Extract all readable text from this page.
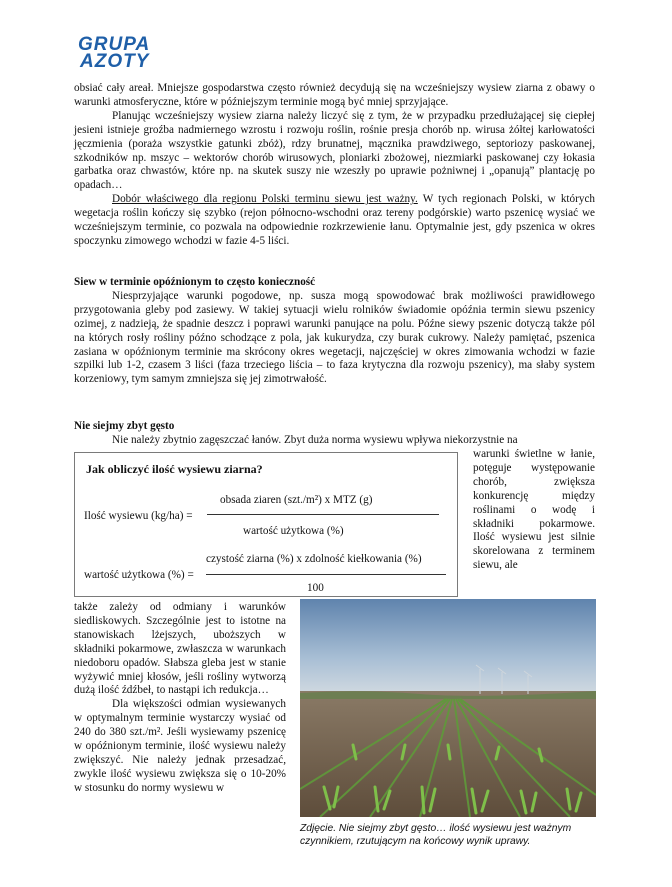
GRUPA
AZOTY

obsiać cały areał. Mniejsze gospodarstwa często również decydują się na wcześniejszy wysiew ziarna z obawy o warunki atmosferyczne, które w późniejszym terminie mogą być mniej sprzyjające.

Planując wcześniejszy wysiew ziarna należy liczyć się z tym, że w przypadku przedłużającej się ciepłej jesieni istnieje groźba nadmiernego wzrostu i rozwoju roślin, rośnie presja chorób np. wirusa żółtej karłowatości jęczmienia (porażа wszystkie gatunki zbóż), rdzy brunatnej, mącznika prawdziwego, septoriozy paskowanej, szkodników np. mszyc – wektorów chorób wirusowych, ploniarki zbożowej, niezmiarki paskowanej czy łokasia garbatka oraz chwastów, które np. na skutek suszy nie wzeszły po uprawie pożniwnej i „opanują” plantację po opadach…

Dobór właściwego dla regionu Polski terminu siewu jest ważny. W tych regionach Polski, w których wegetacja roślin kończy się szybko (rejon północno-wschodni oraz tereny podgórskie) warto pszenicę wysiać we wcześniejszym terminie, co pozwala na odpowiednie rozkrzewienie łanu. Optymalnie jest, gdy pszenica w okres spoczynku zimowego wchodzi w fazie 4-5 liści.

Siew w terminie opóźnionym to często konieczność

Niesprzyjające warunki pogodowe, np. susza mogą spowodować brak możliwości prawidłowego przygotowania gleby pod zasiewy. W takiej sytuacji wielu rolników świadomie opóźnia termin siewu pszenicy ozimej, z nadzieją, że spadnie deszcz i poprawi warunki panujące na polu. Późne siewy pszenic dotyczą także pól na których rosły rośliny późno schodzące z pola, jak kukurydza, czy burak cukrowy. Należy pamiętać, pszenica zasiana w opóźnionym terminie ma skrócony okres wegetacji, najczęściej w okres zimowania wchodzi w fazie szpilki lub 1-2, czasem 3 liści (faza trzeciego liścia – to faza krytyczna dla rozwoju pszenicy), ma słaby system korzeniowy, tym samym zmniejsza się jej zimotrwałość.

Nie siejmy zbyt gęsto

Nie należy zbytnio zagęszczać łanów. Zbyt duża norma wysiewu wpływa niekorzystnie na

warunki świetlne w łanie, potęguje występowanie chorób, zwiększa konkurencję między roślinami o wodę i składniki pokarmowe. Ilość wysiewu jest silnie skorelowana z terminem siewu, ale

Jak obliczyć ilość wysiewu ziarna?
Ilość wysiewu (kg/ha) =
obsada ziaren (szt./m²) x MTZ (g)
wartość użytkowa (%)
wartość użytkowa (%) =
czystość ziarna (%) x zdolność kiełkowania (%)
100

także zależy od odmiany i warunków siedliskowych. Szczególnie jest to istotne na stanowiskach lżejszych, uboższych w składniki pokarmowe, zwłaszcza w warunkach niedoboru opadów. Słabsza gleba jest w stanie wyżywić mniej kłosów, jeśli rośliny wytworzą dużą ilość źdźbeł, to nastąpi ich redukcja…

Dla większości odmian wysiewanych w optymalnym terminie wystarczy wysiać od 240 do 380 szt./m². Jeśli wysiewamy pszenicę w opóźnionym terminie, ilość wysiewu należy zwiększyć. Nie należy jednak przesadzać, zwykle ilość wysiewu zwiększa się o 10-20% w stosunku do normy wysiewu w

Zdjęcie. Nie siejmy zbyt gęsto… ilość wysiewu jest ważnym czynnikiem, rzutującym na końcowy wynik uprawy.
